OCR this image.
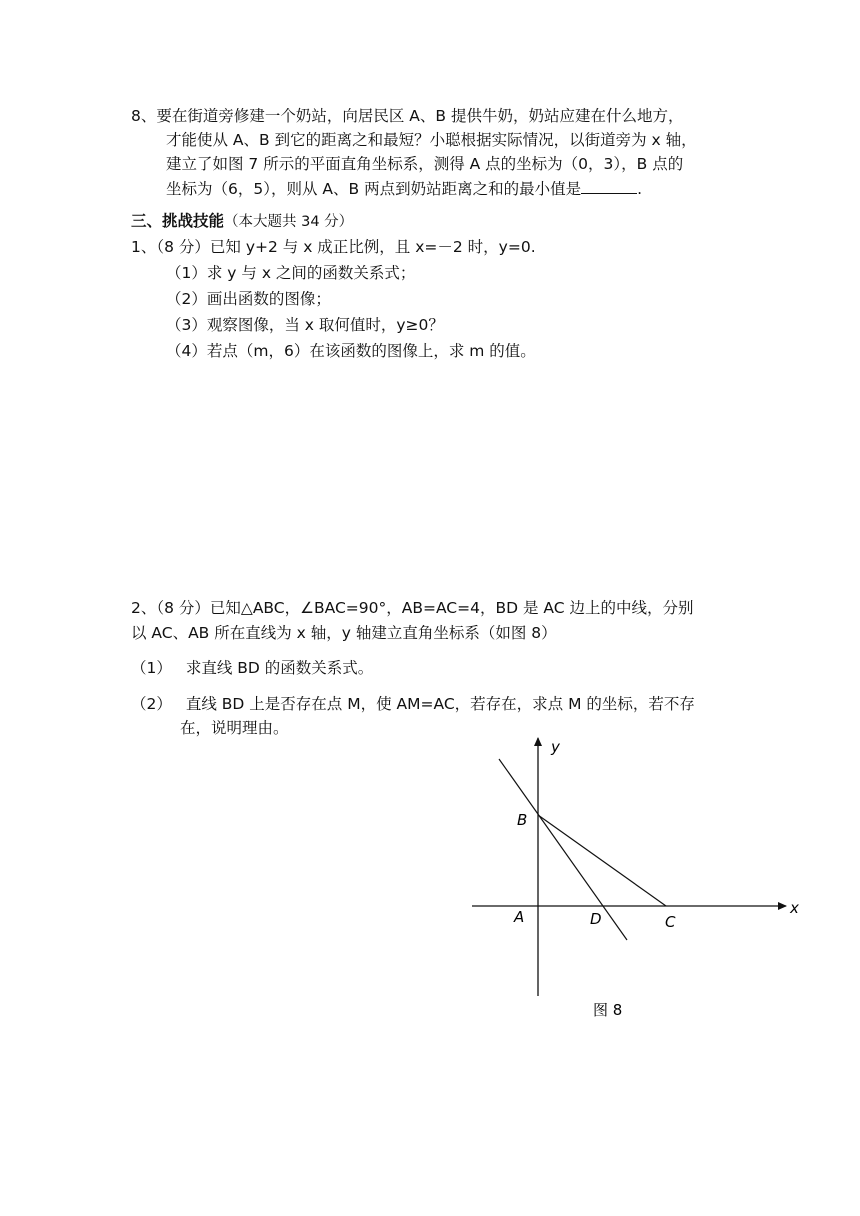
8、要在街道旁修建一个奶站，向居民区 A、B 提供牛奶，奶站应建在什么地方，
才能使从 A、B 到它的距离之和最短？小聪根据实际情况，以街道旁为 x 轴，
建立了如图 7 所示的平面直角坐标系，测得 A 点的坐标为（0，3），B 点的
坐标为（6，5），则从 A、B 两点到奶站距离之和的最小值是	.
三、挑战技能（本大题共 34 分）
1、（8 分）已知 y+2 与 x 成正比例，且 x=－2 时，y=0.
（1）求 y 与 x 之间的函数关系式；
（2）画出函数的图像；
（3）观察图像，当 x 取何值时，y≥0？
（4）若点（m，6）在该函数的图像上，求 m 的值。
2、（8 分）已知△ABC，∠BAC=90°，AB=AC=4，BD 是 AC 边上的中线，分别
以 AC、AB 所在直线为 x 轴，y 轴建立直角坐标系（如图 8）
（1） 求直线 BD 的函数关系式。
（2） 直线 BD 上是否存在点 M，使 AM=AC，若存在，求点 M 的坐标，若不存
在，说明理由。
y
x
B
A	D	C
图 8
